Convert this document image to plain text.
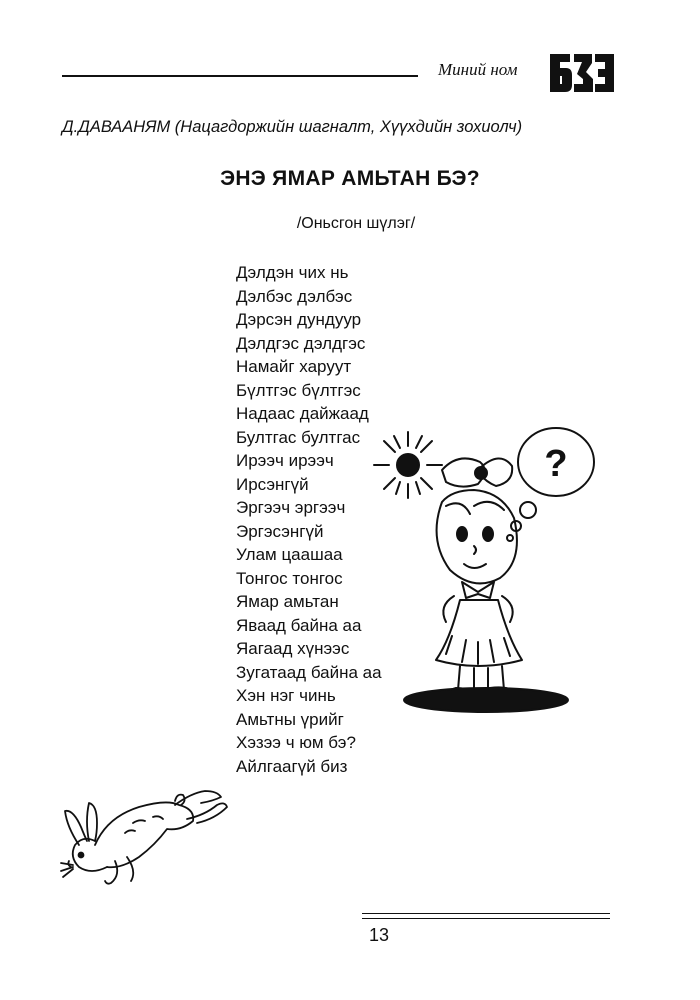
Миний ном
Д.ДАВААНЯМ (Нацагдоржийн шагналт, Хүүхдийн зохиолч)
ЭНЭ ЯМАР АМЬТАН БЭ?
/Оньсгон шүлэг/
Дэлдэн чих нь
Дэлбэс дэлбэс
Дэрсэн дундуур
Дэлдгэс дэлдгэс
Намайг харуут
Бүлтгэс бүлтгэс
Надаас дайжаад
Бултгас бултгас
Ирээч ирээч
Ирсэнгүй
Эргээч эргээч
Эргэсэнгүй
Улам цаашаа
Тонгос тонгос
Ямар амьтан
Яваад байна аа
Яагаад хүнээс
Зугатаад байна аа
Хэн нэг чинь
Амьтны үрийг
Хэзээ ч юм бэ?
Айлгаагүй биз
?
13
